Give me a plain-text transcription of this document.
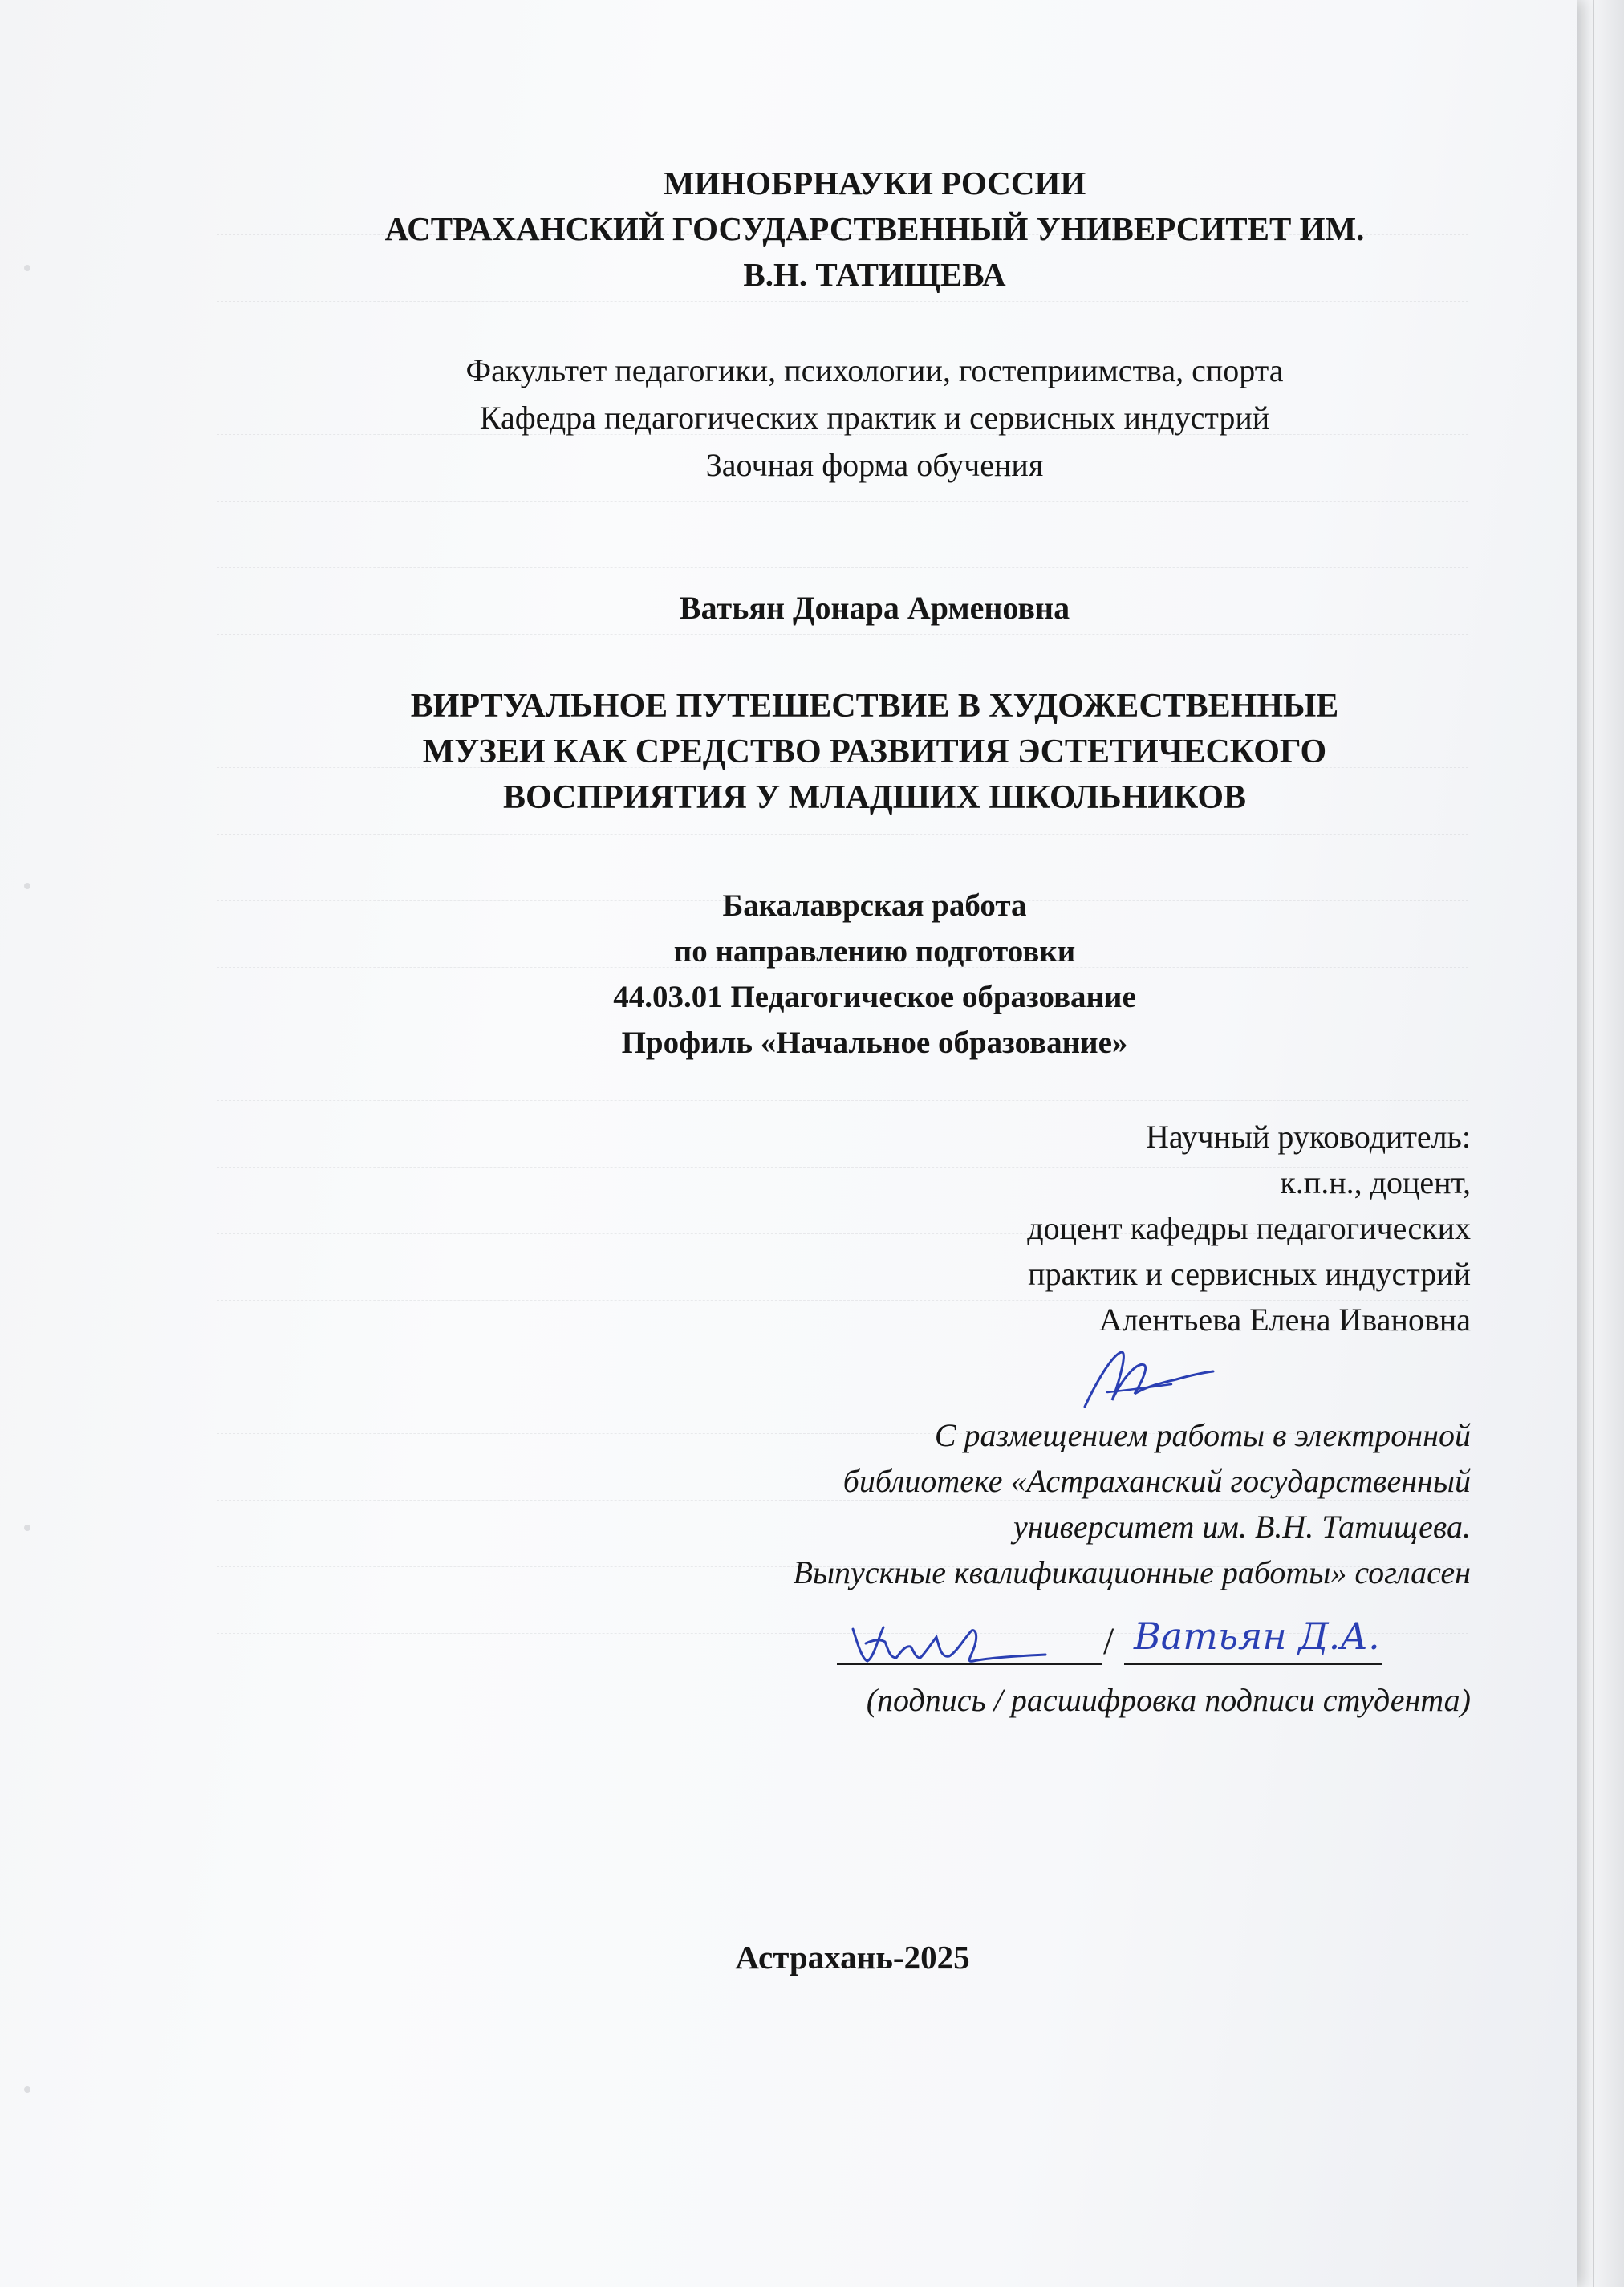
МИНОБРНАУКИ РОССИИ
АСТРАХАНСКИЙ ГОСУДАРСТВЕННЫЙ УНИВЕРСИТЕТ ИМ.
В.Н. ТАТИЩЕВА
Факультет педагогики, психологии, гостеприимства, спорта
Кафедра педагогических практик и сервисных индустрий
Заочная форма обучения
Ватьян Донара Арменовна
ВИРТУАЛЬНОЕ ПУТЕШЕСТВИЕ В ХУДОЖЕСТВЕННЫЕ
МУЗЕИ КАК СРЕДСТВО РАЗВИТИЯ ЭСТЕТИЧЕСКОГО
ВОСПРИЯТИЯ У МЛАДШИХ ШКОЛЬНИКОВ
Бакалаврская работа
по направлению подготовки
44.03.01 Педагогическое образование
Профиль «Начальное образование»
Научный руководитель:
к.п.н., доцент,
доцент кафедры педагогических
практик и сервисных индустрий
Алентьева Елена Ивановна
С размещением работы в электронной
библиотеке «Астраханский государственный
университет им. В.Н. Татищева.
Выпускные квалификационные работы» согласен
/ Ватьян Д.А.
(подпись / расшифровка подписи студента)
Астрахань-2025
